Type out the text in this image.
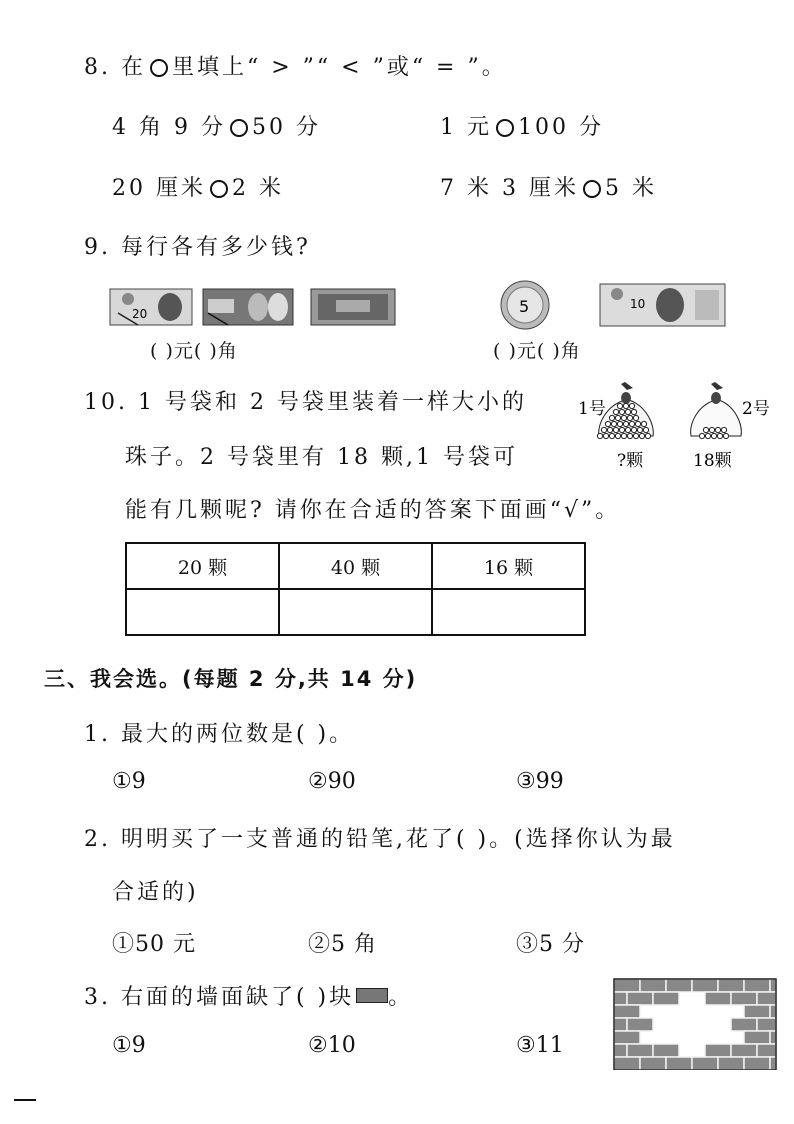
8. 在 里填上“ > ”“ < ”或“ = ”。
4 角 9 分 50 分	1 元 100 分
20 厘米 2 米	7 米 3 厘米 5 米
9. 每行各有多少钱?
20	5	10
( )元( )角	( )元( )角
10. 1 号袋和 2 号袋里装着一样大小的
珠子。2 号袋里有 18 颗,1 号袋可
能有几颗呢? 请你在合适的答案下面画“√”。
1号	2号
?颗	18颗
20 颗	40 颗	16 颗

三、我会选。(每题 2 分,共 14 分)
1. 最大的两位数是( )。
①9	②90	③99
2. 明明买了一支普通的铅笔,花了( )。(选择你认为最
合适的)
①50 元	②5 角	③5 分
3. 右面的墙面缺了( )块 。
①9	②10	③11
